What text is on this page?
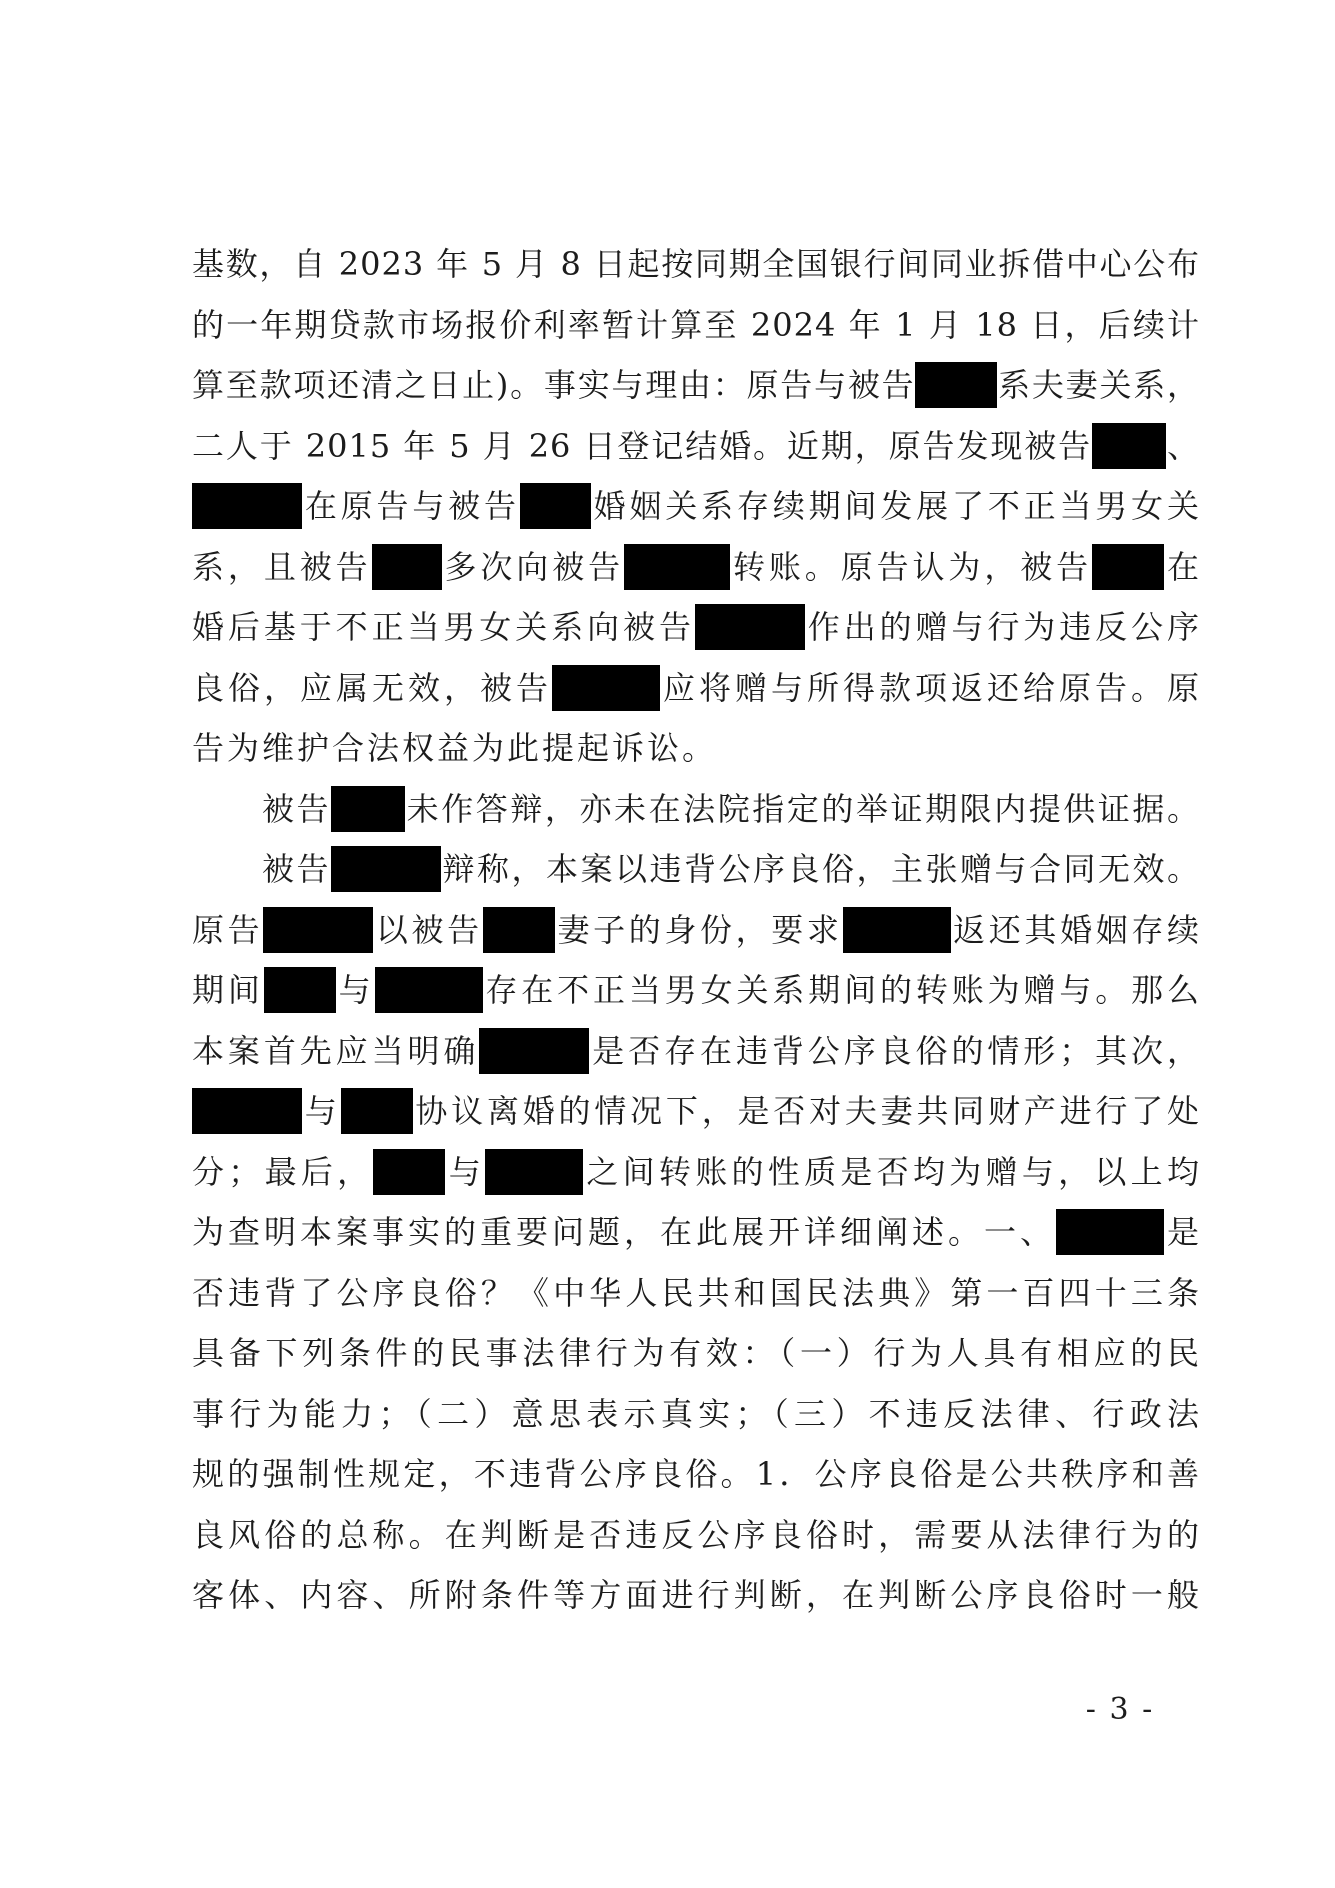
基数，自 2023 年 5 月 8 日起按同期全国银行间同业拆借中心公布
的一年期贷款市场报价利率暂计算至 2024 年 1 月 18 日，后续计
算至款项还清之日止)。事实与理由：原告与被告	系夫妻关系，
二人于 2015 年 5 月 26 日登记结婚。近期，原告发现被告 、
在原告与被告 婚姻关系存续期间发展了不正当男女关
系，且被告 多次向被告	转账。原告认为，被告 在
婚后基于不正当男女关系向被告	作出的赠与行为违反公序
良俗，应属无效，被告	应将赠与所得款项返还给原告。原
告为维护合法权益为此提起诉讼。
被告 未作答辩，亦未在法院指定的举证期限内提供证据。
被告	辩称，本案以违背公序良俗，主张赠与合同无效。
原告	以被告 妻子的身份，要求	返还其婚姻存续
期间 与	存在不正当男女关系期间的转账为赠与。那么
本案首先应当明确	是否存在违背公序良俗的情形；其次，
与 协议离婚的情况下，是否对夫妻共同财产进行了处
分；最后， 与	之间转账的性质是否均为赠与，以上均
为查明本案事实的重要问题，在此展开详细阐述。一、	是
否违背了公序良俗？《中华人民共和国民法典》第一百四十三条
具备下列条件的民事法律行为有效：（一）行为人具有相应的民
事行为能力；（二）意思表示真实；（三）不违反法律、行政法
规的强制性规定，不违背公序良俗。1．公序良俗是公共秩序和善
良风俗的总称。在判断是否违反公序良俗时，需要从法律行为的
客体、内容、所附条件等方面进行判断，在判断公序良俗时一般
- 3 -
